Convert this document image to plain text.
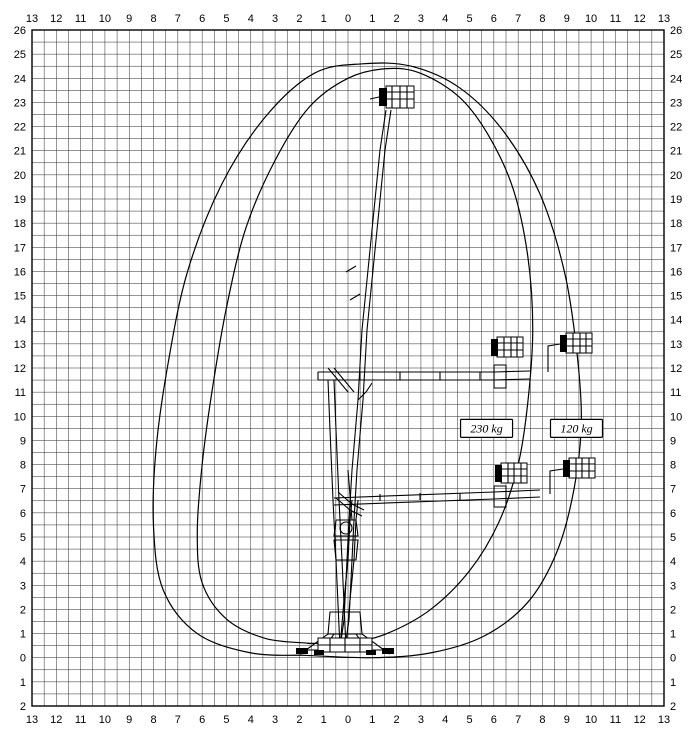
230 kg	120 kg
13
13
12
12
11
11
10
10
9
9
8
8
7
7
6
6
5
5
4
4
3
3
2
2
1
1
0
0
1
1
2
2
3
3
4
4
5
5
6
6
7
7
8
8
9
9
10
10
11
11
12
12
13
13
26	26
25	25
24	24
23	23
22	22
21	21
20	20
19	19
18	18
17	17
16	16
15	15
14	14
13	13
12	12
11	11
10	10
9	9
8	8
7	7
6	6
5	5
4	4
3	3
2	2
1	1
0	0
1	1
2	2
